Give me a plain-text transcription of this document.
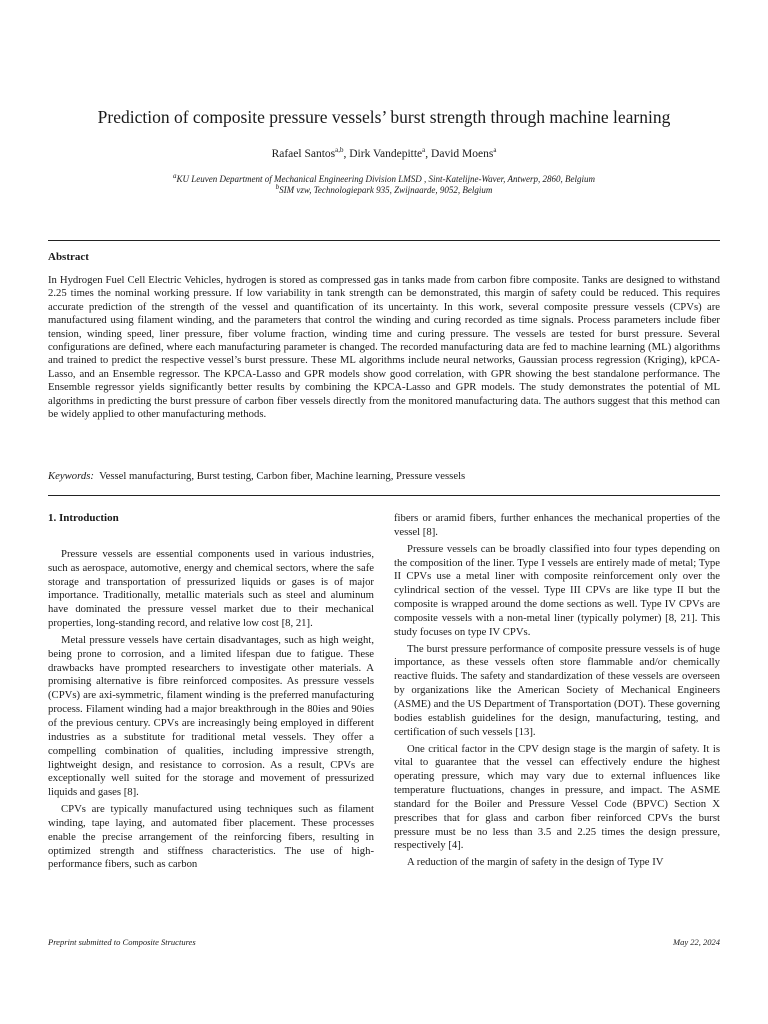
Prediction of composite pressure vessels’ burst strength through machine learning
Rafael Santos$^{a,b}$, Dirk Vandepitte$^a$, David Moens$^a$
$^a$KU Leuven Department of Mechanical Engineering Division LMSD , Sint-Katelijne-Waver, Antwerp, 2860, Belgium
$^b$SIM vzw, Technologiepark 935, Zwijnaarde, 9052, Belgium
Abstract
In Hydrogen Fuel Cell Electric Vehicles, hydrogen is stored as compressed gas in tanks made from carbon fibre composite. Tanks are designed to withstand 2.25 times the nominal working pressure. If low variability in tank strength can be demonstrated, this margin of safety could be reduced. This requires accurate prediction of the strength of the vessel and quantification of its uncertainty. In this work, several composite pressure vessels (CPVs) are manufactured using filament winding, and the parameters that control the winding and curing recorded as time signals. Process parameters include fiber tension, winding speed, liner pressure, fiber volume fraction, winding time and curing pressure. The vessels are tested for burst pressure. Several configurations are defined, where each manufacturing parameter is changed. The recorded manufacturing data are fed to machine learning (ML) algorithms and trained to predict the respective vessel’s burst pressure. These ML algorithms include neural networks, Gaussian process regression (Kriging), kPCA-Lasso, and an Ensemble regressor. The KPCA-Lasso and GPR models show good correlation, with GPR showing the best standalone performance. The Ensemble regressor yields significantly better results by combining the KPCA-Lasso and GPR models. The study demonstrates the potential of ML algorithms in predicting the burst pressure of carbon fiber vessels directly from the monitored manufacturing data. The authors suggest that this method can be widely applied to other manufacturing methods.
Keywords: Vessel manufacturing, Burst testing, Carbon fiber, Machine learning, Pressure vessels
1. Introduction

Pressure vessels are essential components used in various industries, such as aerospace, automotive, energy and chemical sectors, where the safe storage and transportation of pressurized liquids or gases is of major importance. Traditionally, metallic materials such as steel and aluminum have dominated the pressure vessel market due to their mechanical properties, long-standing record, and relative low cost [8, 21].

Metal pressure vessels have certain disadvantages, such as high weight, being prone to corrosion, and a limited lifespan due to fatigue. These drawbacks have prompted researchers to investigate other materials. A promising alternative is fibre reinforced composites. As pressure vessels (CPVs) are axi-symmetric, filament winding is the preferred manufacturing process. Filament winding had a major breakthrough in the 80ies and 90ies of the previous century. CPVs are increasingly being employed in different industries as a substitute for traditional metal vessels. They offer a compelling combination of qualities, including impressive strength, lightweight design, and resistance to corrosion. As a result, CPVs are exceptionally well suited for the storage and movement of pressurized liquids and gases [8].

CPVs are typically manufactured using techniques such as filament winding, tape laying, and automated fiber placement. These processes enable the precise arrangement of the reinforcing fibers, resulting in optimized strength and stiffness characteristics. The use of high-performance fibers, such as carbon

fibers or aramid fibers, further enhances the mechanical properties of the vessel [8].

Pressure vessels can be broadly classified into four types depending on the composition of the liner. Type I vessels are entirely made of metal; Type II CPVs use a metal liner with composite reinforcement only over the cylindrical section of the vessel. Type III CPVs are like type II but the composite is wrapped around the dome sections as well. Type IV CPVs are composite vessels with a non-metal liner (typically polymer) [8, 21]. This study focuses on type IV CPVs.

The burst pressure performance of composite pressure vessels is of huge importance, as these vessels often store flammable and/or chemically reactive fluids. The safety and standardization of these vessels are overseen by organizations like the American Society of Mechanical Engineers (ASME) and the US Department of Transportation (DOT). These governing bodies establish guidelines for the design, manufacturing, testing, and certification of such vessels [13].

One critical factor in the CPV design stage is the margin of safety. It is vital to guarantee that the vessel can effectively endure the highest operating pressure, which may vary due to external influences like temperature fluctuations, changes in pressure, and impact. The ASME standard for the Boiler and Pressure Vessel Code (BPVC) Section X prescribes that for glass and carbon fiber reinforced CPVs the burst pressure must be no less than 3.5 and 2.25 times the design pressure, respectively [4].

A reduction of the margin of safety in the design of Type IV

Preprint submitted to Composite Structures	May 22, 2024
